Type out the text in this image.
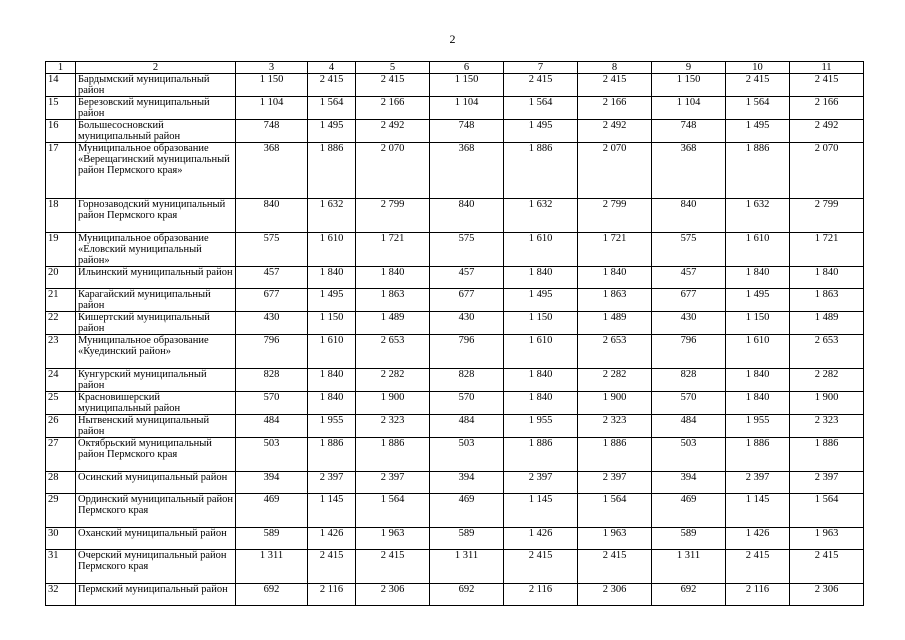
2
1	2	3	4	5	6	7	8	9	10	11
14	Бардымский муниципальный район	1 150	2 415	2 415	1 150	2 415	2 415	1 150	2 415	2 415
15	Березовский муниципальный район	1 104	1 564	2 166	1 104	1 564	2 166	1 104	1 564	2 166
16	Большесосновский муниципальный район	748	1 495	2 492	748	1 495	2 492	748	1 495	2 492
17	Муниципальное образование «Верещагинский муниципальный район Пермского края»	368	1 886	2 070	368	1 886	2 070	368	1 886	2 070
18	Горнозаводский муниципальный район Пермского края	840	1 632	2 799	840	1 632	2 799	840	1 632	2 799
19	Муниципальное образование «Еловский муниципальный район»	575	1 610	1 721	575	1 610	1 721	575	1 610	1 721
20	Ильинский муниципальный район	457	1 840	1 840	457	1 840	1 840	457	1 840	1 840
21	Карагайский муниципальный район	677	1 495	1 863	677	1 495	1 863	677	1 495	1 863
22	Кишертский муниципальный район	430	1 150	1 489	430	1 150	1 489	430	1 150	1 489
23	Муниципальное образование «Куединский район»	796	1 610	2 653	796	1 610	2 653	796	1 610	2 653
24	Кунгурский муниципальный район	828	1 840	2 282	828	1 840	2 282	828	1 840	2 282
25	Красновишерский муниципальный район	570	1 840	1 900	570	1 840	1 900	570	1 840	1 900
26	Нытвенский муниципальный район	484	1 955	2 323	484	1 955	2 323	484	1 955	2 323
27	Октябрьский муниципальный район Пермского края	503	1 886	1 886	503	1 886	1 886	503	1 886	1 886
28	Осинский муниципальный район	394	2 397	2 397	394	2 397	2 397	394	2 397	2 397
29	Ординский муниципальный район Пермского края	469	1 145	1 564	469	1 145	1 564	469	1 145	1 564
30	Оханский муниципальный район	589	1 426	1 963	589	1 426	1 963	589	1 426	1 963
31	Очерский муниципальный район Пермского края	1 311	2 415	2 415	1 311	2 415	2 415	1 311	2 415	2 415
32	Пермский муниципальный район	692	2 116	2 306	692	2 116	2 306	692	2 116	2 306
